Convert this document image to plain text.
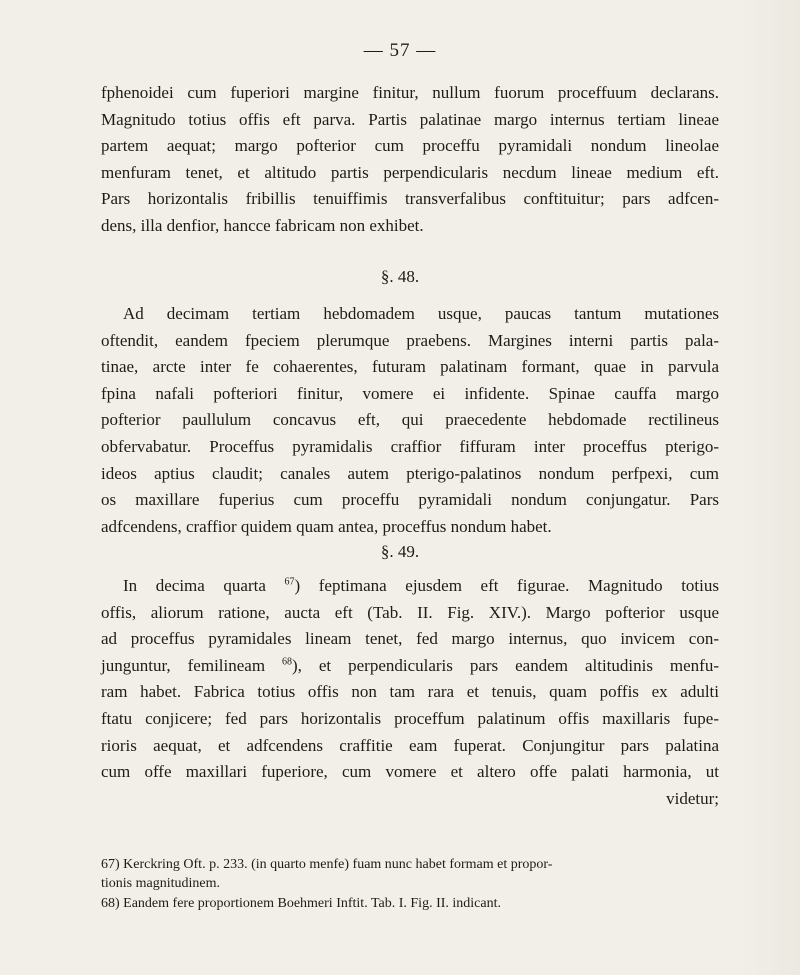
— 57 —
fphenoidei cum fuperiori margine finitur, nullum fuorum proceffuum declarans.
Magnitudo totius offis eft parva. Partis palatinae margo internus tertiam lineae
partem aequat; margo pofterior cum proceffu pyramidali nondum lineolae
menfuram tenet, et altitudo partis perpendicularis necdum lineae medium eft.
Pars horizontalis fribillis tenuiffimis transverfalibus conftituitur; pars adfcen-
dens, illa denfior, hancce fabricam non exhibet.
§. 48.
Ad decimam tertiam hebdomadem usque, paucas tantum mutationes
oftendit, eandem fpeciem plerumque praebens. Margines interni partis pala-
tinae, arcte inter fe cohaerentes, futuram palatinam formant, quae in parvula
fpina nafali pofteriori finitur, vomere ei infidente. Spinae cauffa margo
pofterior paullulum concavus eft, qui praecedente hebdomade rectilineus
obfervabatur. Proceffus pyramidalis craffior fiffuram inter proceffus pterigo-
ideos aptius claudit; canales autem pterigo-palatinos nondum perfpexi, cum
os maxillare fuperius cum proceffu pyramidali nondum conjungatur. Pars
adfcendens, craffior quidem quam antea, proceffus nondum habet.
§. 49.
In decima quarta $^{67}$) feptimana ejusdem eft figurae. Magnitudo totius
offis, aliorum ratione, aucta eft (Tab. II. Fig. XIV.). Margo pofterior usque
ad proceffus pyramidales lineam tenet, fed margo internus, quo invicem con-
junguntur, femilineam $^{68}$), et perpendicularis pars eandem altitudinis menfu-
ram habet. Fabrica totius offis non tam rara et tenuis, quam poffis ex adulti
ftatu conjicere; fed pars horizontalis proceffum palatinum offis maxillaris fupe-
rioris aequat, et adfcendens craffitie eam fuperat. Conjungitur pars palatina
cum offe maxillari fuperiore, cum vomere et altero offe palati harmonia, ut
videtur;
67) Kerckring Oft. p. 233. (in quarto menfe) fuam nunc habet formam et propor-
tionis magnitudinem.
68) Eandem fere proportionem Boehmeri Inftit. Tab. I. Fig. II. indicant.
